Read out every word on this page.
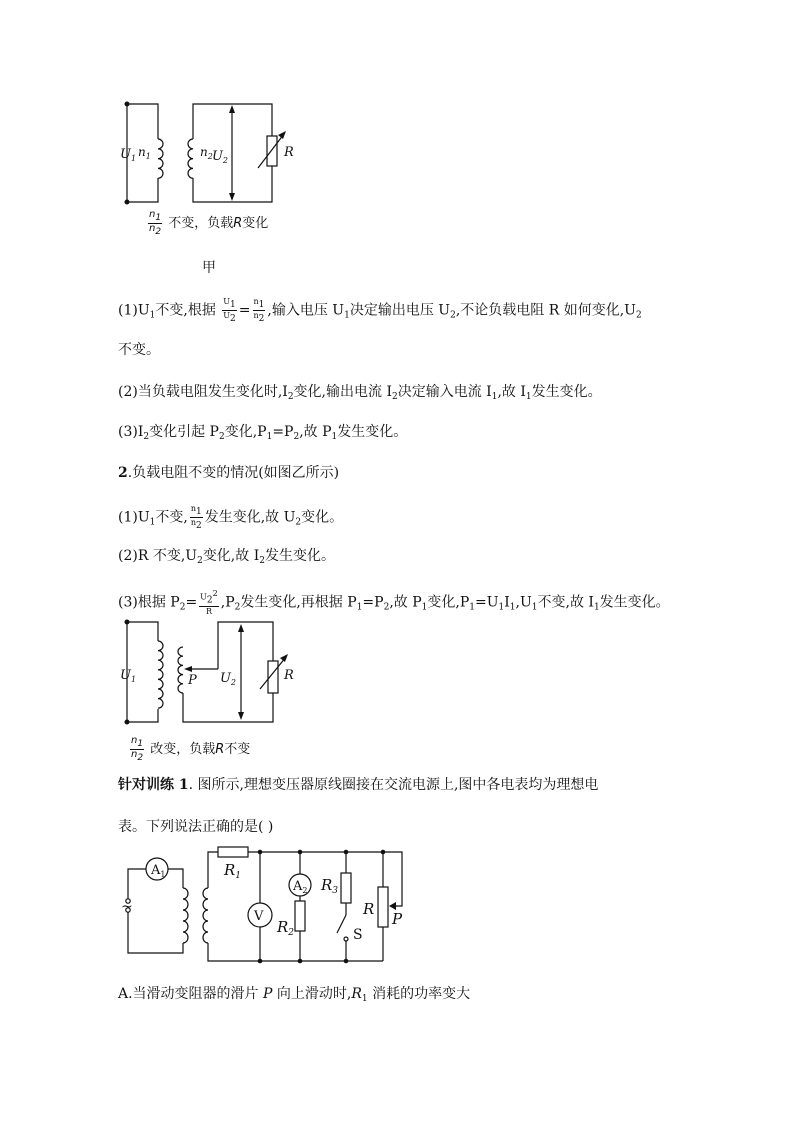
$U_1$ $n_1$	$n_2$ $U_2$
R
$\frac{n_1}{n_2}$ 不变，负载R变化
甲
$(1)U_1$不变,根据 $\frac{U_1}{U_2} = \frac{n_1}{n_2}$ ,输入电压 $U_1$决定输出电压 $U_2$,不论负载电阻 R 如何变化$,U_2$
不变。
(2)当负载电阻发生变化时$,I_2$变化,输出电流 $I_2$决定输入电流 $I_1$,故 $I_1$发生变化。
$(3)I_2$变化引起 $P_2$变化$,P_1=P_2$,故 $P_1$发生变化。
2.负载电阻不变的情况(如图乙所示)
$(1)U_1$不变, $\frac{n_1}{n_2}$ 发生变化,故 $U_2$变化。
(2)R 不变$,U_2$变化,故 $I_2$发生变化。
(3)根据 $P_2= \frac{U_2^2}{R} ,P_2$发生变化,再根据 $P_1=P_2$,故 $P_1$变化$,P_1=U_1I_1,U_1$不变,故 $I_1$发生变化。
$U_1$	P $U_2$	R
$\frac{n_1}{n_2}$ 改变，负载R不变
针对训练 1. 图所示,理想变压器原线圈接在交流电源上,图中各电表均为理想电
表。下列说法正确的是( )
~
$A_1$	$R_1$
V
$A_2$
$R_2$
$R_3$
S
R
P
A.当滑动变阻器的滑片 P 向上滑动时$,R_1$ 消耗的功率变大
